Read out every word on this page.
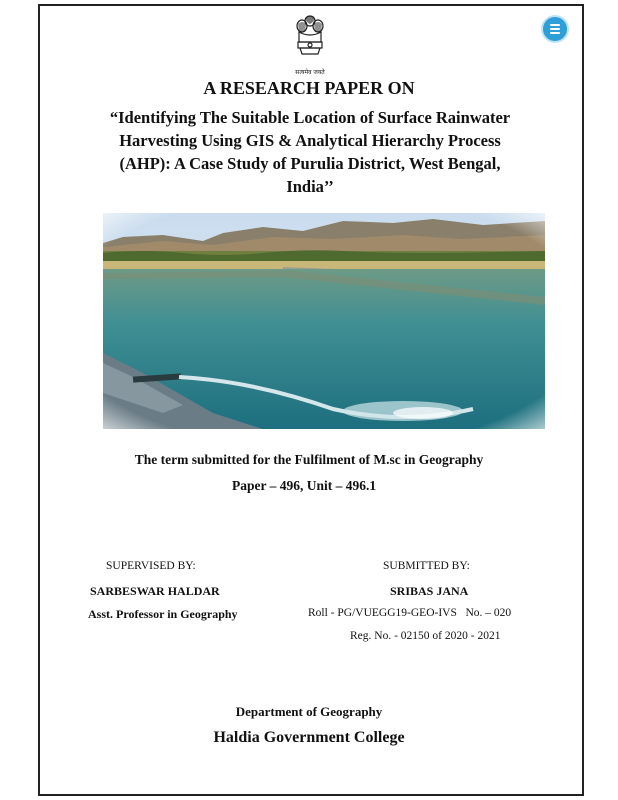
सत्यमेव जयते
A RESEARCH PAPER ON
“Identifying The Suitable Location of Surface Rainwater Harvesting Using GIS & Analytical Hierarchy Process (AHP): A Case Study of Purulia District, West Bengal, India’’
The term submitted for the Fulfilment of M.sc in Geography
Paper – 496, Unit – 496.1
SUPERVISED BY:
SARBESWAR HALDAR
Asst. Professor in Geography
SUBMITTED BY:
SRIBAS JANA
Roll - PG/VUEGG19-GEO-IVS   No. – 020
Reg. No. - 02150 of 2020 - 2021
Department of Geography
Haldia Government College
